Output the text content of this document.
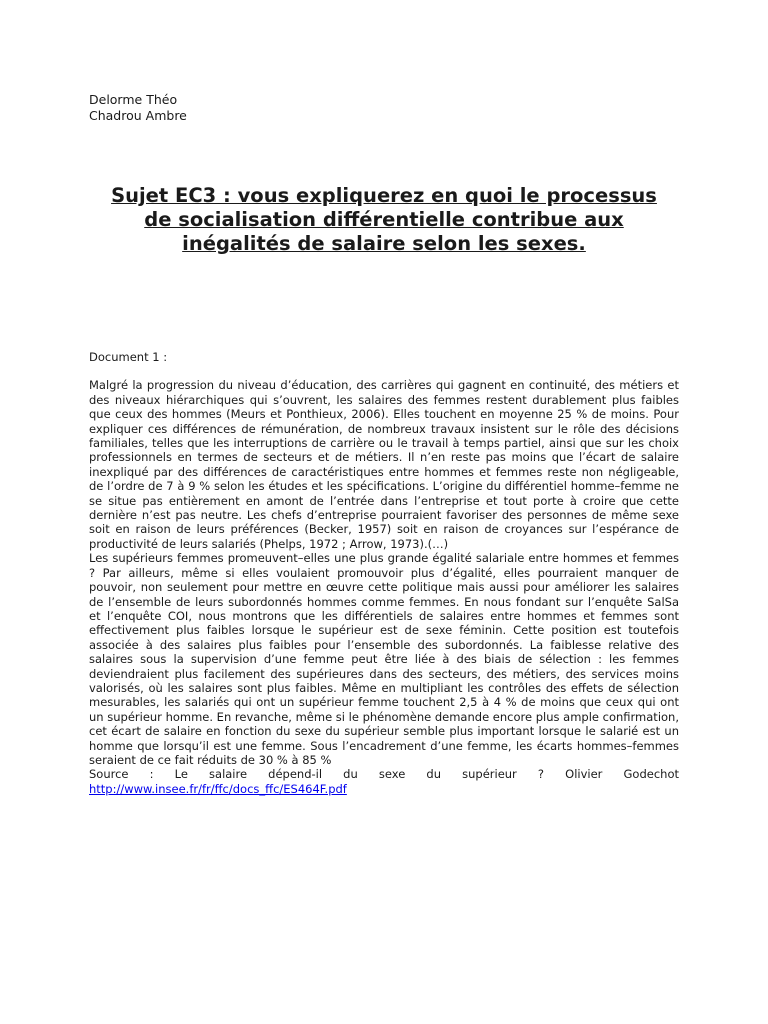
Delorme Théo
Chadrou Ambre
Sujet EC3 : vous expliquerez en quoi le processus de socialisation différentielle contribue aux inégalités de salaire selon les sexes.
Document 1 :

Malgré la progression du niveau d’éducation, des carrières qui gagnent en continuité, des métiers et des niveaux hiérarchiques qui s’ouvrent, les salaires des femmes restent durablement plus faibles que ceux des hommes (Meurs et Ponthieux, 2006). Elles touchent en moyenne 25 % de moins. Pour expliquer ces différences de rémunération, de nombreux travaux insistent sur le rôle des décisions familiales, telles que les interruptions de carrière ou le travail à temps partiel, ainsi que sur les choix professionnels en termes de secteurs et de métiers. Il n’en reste pas moins que l’écart de salaire inexpliqué par des différences de caractéristiques entre hommes et femmes reste non négligeable, de l’ordre de 7 à 9 % selon les études et les spécifications. L’origine du différentiel homme–femme ne se situe pas entièrement en amont de l’entrée dans l’entreprise et tout porte à croire que cette dernière n’est pas neutre. Les chefs d’entreprise pourraient favoriser des personnes de même sexe soit en raison de leurs préférences (Becker, 1957) soit en raison de croyances sur l’espérance de productivité de leurs salariés (Phelps, 1972 ; Arrow, 1973).(…)

Les supérieurs femmes promeuvent–elles une plus grande égalité salariale entre hommes et femmes ? Par ailleurs, même si elles voulaient promouvoir plus d’égalité, elles pourraient manquer de pouvoir, non seulement pour mettre en œuvre cette politique mais aussi pour améliorer les salaires de l’ensemble de leurs subordonnés hommes comme femmes. En nous fondant sur l’enquête SalSa et l’enquête COI, nous montrons que les différentiels de salaires entre hommes et femmes sont effectivement plus faibles lorsque le supérieur est de sexe féminin. Cette position est toutefois associée à des salaires plus faibles pour l’ensemble des subordonnés. La faiblesse relative des salaires sous la supervision d’une femme peut être liée à des biais de sélection : les femmes deviendraient plus facilement des supérieures dans des secteurs, des métiers, des services moins valorisés, où les salaires sont plus faibles. Même en multipliant les contrôles des effets de sélection mesurables, les salariés qui ont un supérieur femme touchent 2,5 à 4 % de moins que ceux qui ont un supérieur homme. En revanche, même si le phénomène demande encore plus ample confirmation, cet écart de salaire en fonction du sexe du supérieur semble plus important lorsque le salarié est un homme que lorsqu’il est une femme. Sous l’encadrement d’une femme, les écarts hommes–femmes seraient de ce fait réduits de 30 % à 85 %

Source : Le salaire dépend-il du sexe du supérieur ? Olivier Godechot

http://www.insee.fr/fr/ffc/docs_ffc/ES464F.pdf
